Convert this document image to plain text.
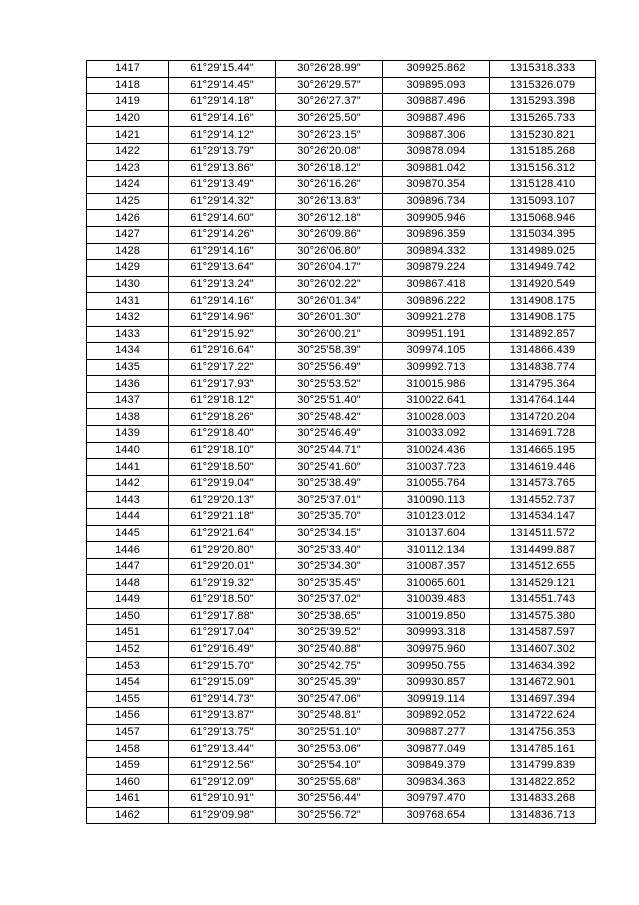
1417	61°29'15.44"	30°26'28.99"	309925.862	1315318.333
1418	61°29'14.45"	30°26'29.57"	309895.093	1315326.079
1419	61°29'14.18"	30°26'27.37"	309887.496	1315293.398
1420	61°29'14.16"	30°26'25.50"	309887.496	1315265.733
1421	61°29'14.12"	30°26'23.15"	309887.306	1315230.821
1422	61°29'13.79"	30°26'20.08"	309878.094	1315185.268
1423	61°29'13.86"	30°26'18.12"	309881.042	1315156.312
1424	61°29'13.49"	30°26'16.26"	309870.354	1315128.410
1425	61°29'14.32"	30°26'13.83"	309896.734	1315093.107
1426	61°29'14.60"	30°26'12.18"	309905.946	1315068.946
1427	61°29'14.26"	30°26'09.86"	309896.359	1315034.395
1428	61°29'14.16"	30°26'06.80"	309894.332	1314989.025
1429	61°29'13.64"	30°26'04.17"	309879.224	1314949.742
1430	61°29'13.24"	30°26'02.22"	309867.418	1314920.549
1431	61°29'14.16"	30°26'01.34"	309896.222	1314908.175
1432	61°29'14.96"	30°26'01.30"	309921.278	1314908.175
1433	61°29'15.92"	30°26'00.21"	309951.191	1314892.857
1434	61°29'16.64"	30°25'58.39"	309974.105	1314866.439
1435	61°29'17.22"	30°25'56.49"	309992.713	1314838.774
1436	61°29'17.93"	30°25'53.52"	310015.986	1314795.364
1437	61°29'18.12"	30°25'51.40"	310022.641	1314764.144
1438	61°29'18.26"	30°25'48.42"	310028.003	1314720.204
1439	61°29'18.40"	30°25'46.49"	310033.092	1314691.728
1440	61°29'18.10"	30°25'44.71"	310024.436	1314665.195
1441	61°29'18.50"	30°25'41.60"	310037.723	1314619.446
1442	61°29'19.04"	30°25'38.49"	310055.764	1314573.765
1443	61°29'20.13"	30°25'37.01"	310090.113	1314552.737
1444	61°29'21.18"	30°25'35.70"	310123.012	1314534.147
1445	61°29'21.64"	30°25'34.15"	310137.604	1314511.572
1446	61°29'20.80"	30°25'33.40"	310112.134	1314499.887
1447	61°29'20.01"	30°25'34.30"	310087.357	1314512.655
1448	61°29'19.32"	30°25'35.45"	310065.601	1314529.121
1449	61°29'18.50"	30°25'37.02"	310039.483	1314551.743
1450	61°29'17.88"	30°25'38.65"	310019.850	1314575.380
1451	61°29'17.04"	30°25'39.52"	309993.318	1314587.597
1452	61°29'16.49"	30°25'40.88"	309975.960	1314607.302
1453	61°29'15.70"	30°25'42.75"	309950.755	1314634.392
1454	61°29'15.09"	30°25'45.39"	309930.857	1314672.901
1455	61°29'14.73"	30°25'47.06"	309919.114	1314697.394
1456	61°29'13.87"	30°25'48.81"	309892.052	1314722.624
1457	61°29'13.75"	30°25'51.10"	309887.277	1314756.353
1458	61°29'13.44"	30°25'53.06"	309877.049	1314785.161
1459	61°29'12.56"	30°25'54.10"	309849.379	1314799.839
1460	61°29'12.09"	30°25'55.68"	309834.363	1314822.852
1461	61°29'10.91"	30°25'56.44"	309797.470	1314833.268
1462	61°29'09.98"	30°25'56.72"	309768.654	1314836.713
